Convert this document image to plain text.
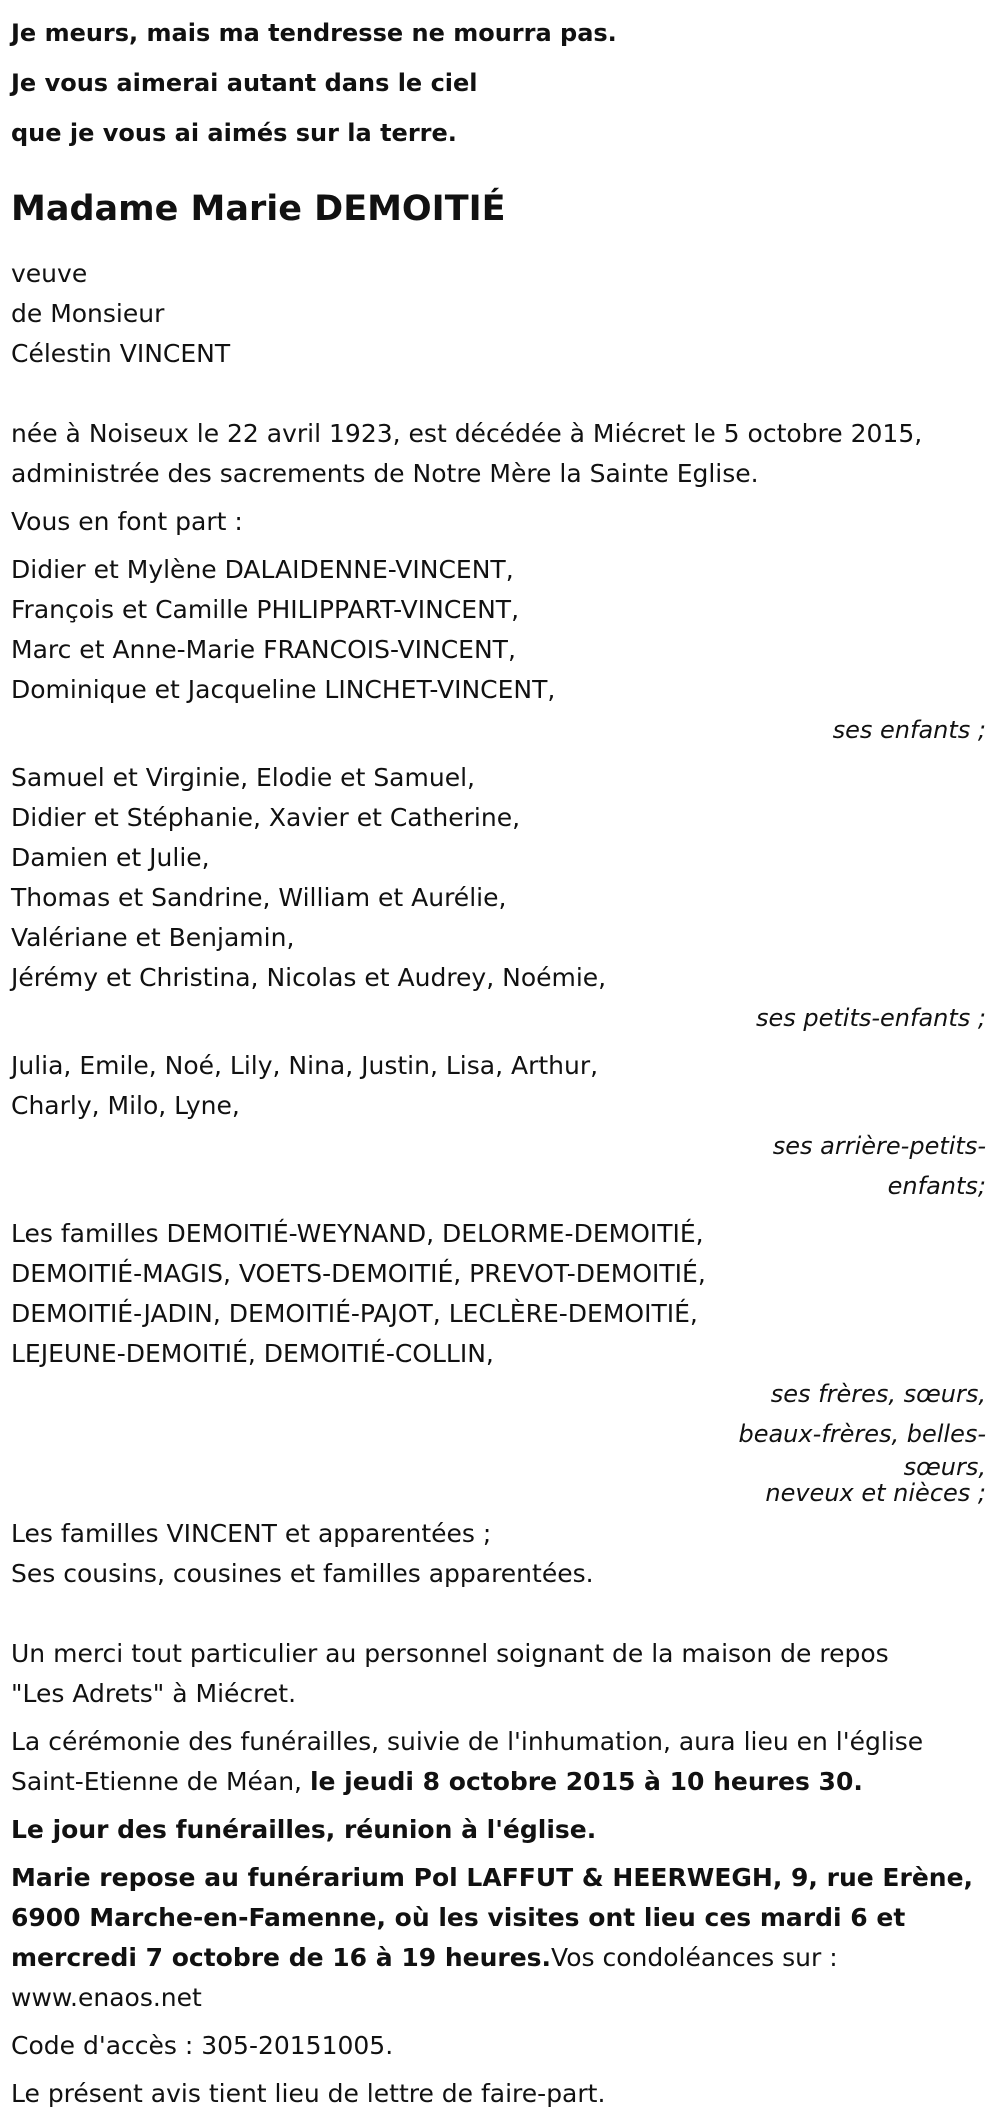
Je meurs, mais ma tendresse ne mourra pas.
Je vous aimerai autant dans le ciel
que je vous ai aimés sur la terre.
Madame Marie DEMOITIÉ
veuve
de Monsieur
Célestin VINCENT
née à Noiseux le 22 avril 1923, est décédée à Miécret le 5 octobre 2015,
administrée des sacrements de Notre Mère la Sainte Eglise.
Vous en font part :
Didier et Mylène DALAIDENNE-VINCENT,
François et Camille PHILIPPART-VINCENT,
Marc et Anne-Marie FRANCOIS-VINCENT,
Dominique et Jacqueline LINCHET-VINCENT,
ses enfants ;
Samuel et Virginie, Elodie et Samuel,
Didier et Stéphanie, Xavier et Catherine,
Damien et Julie,
Thomas et Sandrine, William et Aurélie,
Valériane et Benjamin,
Jérémy et Christina, Nicolas et Audrey, Noémie,
ses petits-enfants ;
Julia, Emile, Noé, Lily, Nina, Justin, Lisa, Arthur,
Charly, Milo, Lyne,
ses arrière-petits-
enfants;
Les familles DEMOITIÉ-WEYNAND, DELORME-DEMOITIÉ,
DEMOITIÉ-MAGIS, VOETS-DEMOITIÉ, PREVOT-DEMOITIÉ,
DEMOITIÉ-JADIN, DEMOITIÉ-PAJOT, LECLÈRE-DEMOITIÉ,
LEJEUNE-DEMOITIÉ, DEMOITIÉ-COLLIN,
ses frères, sœurs,
beaux-frères, belles-
sœurs,
neveux et nièces ;
Les familles VINCENT et apparentées ;
Ses cousins, cousines et familles apparentées.
Un merci tout particulier au personnel soignant de la maison de repos
"Les Adrets" à Miécret.
La cérémonie des funérailles, suivie de l'inhumation, aura lieu en l'église
Saint-Etienne de Méan, le jeudi 8 octobre 2015 à 10 heures 30.
Le jour des funérailles, réunion à l'église.
Marie repose au funérarium Pol LAFFUT & HEERWEGH, 9, rue Erène,
6900 Marche-en-Famenne, où les visites ont lieu ces mardi 6 et
mercredi 7 octobre de 16 à 19 heures.Vos condoléances sur :
www.enaos.net
Code d'accès : 305-20151005.
Le présent avis tient lieu de lettre de faire-part.
